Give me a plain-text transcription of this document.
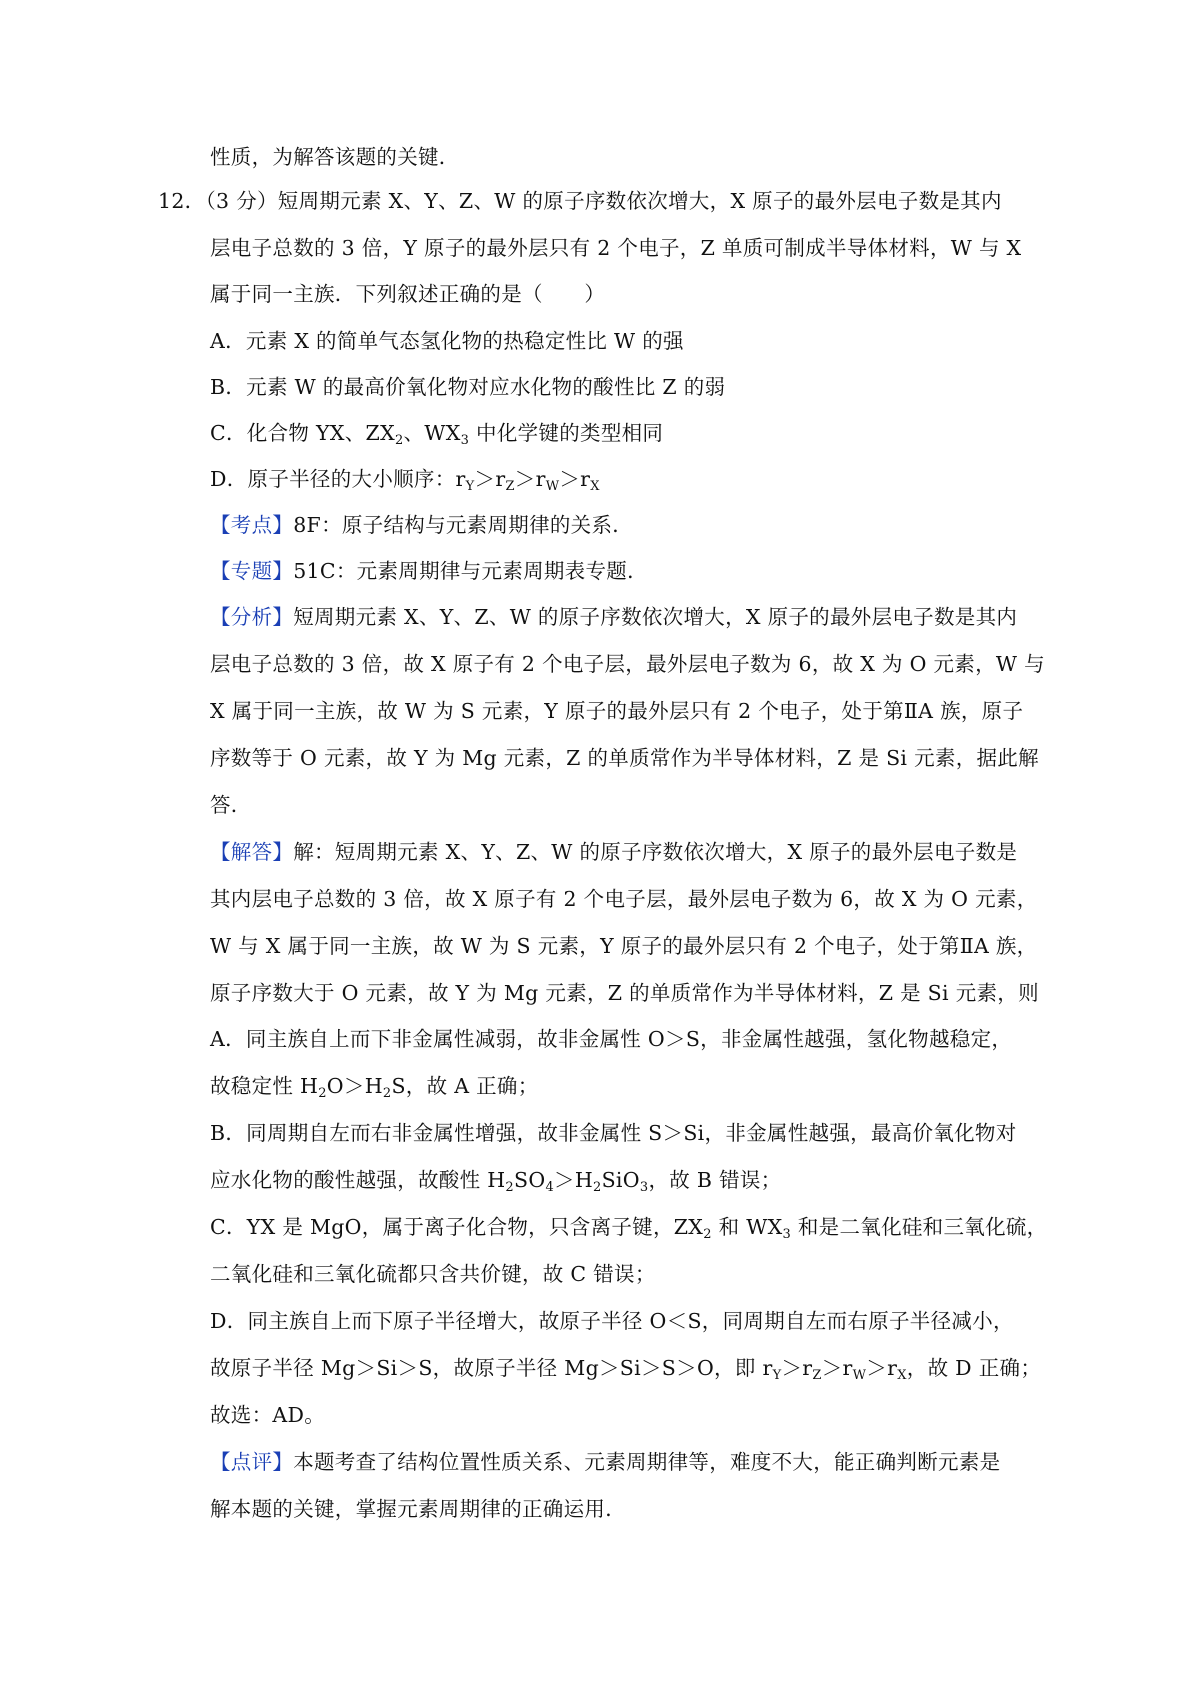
性质，为解答该题的关键．
12．（3 分）短周期元素 X、Y、Z、W 的原子序数依次增大，X 原子的最外层电子数是其内
层电子总数的 3 倍，Y 原子的最外层只有 2 个电子，Z 单质可制成半导体材料，W 与 X
属于同一主族．下列叙述正确的是（　　）
A．元素 X 的简单气态氢化物的热稳定性比 W 的强
B．元素 W 的最高价氧化物对应水化物的酸性比 Z 的弱
C．化合物 YX、$ZX_2$、$WX_3$ 中化学键的类型相同
D．原子半径的大小顺序：$r_Y>r_Z>r_W>r_X$
【考点】8F：原子结构与元素周期律的关系．
【专题】51C：元素周期律与元素周期表专题．
【分析】短周期元素 X、Y、Z、W 的原子序数依次增大，X 原子的最外层电子数是其内
层电子总数的 3 倍，故 X 原子有 2 个电子层，最外层电子数为 6，故 X 为 O 元素，W 与
X 属于同一主族，故 W 为 S 元素，Y 原子的最外层只有 2 个电子，处于第ⅡA 族，原子
序数等于 O 元素，故 Y 为 Mg 元素，Z 的单质常作为半导体材料，Z 是 Si 元素，据此解
答．
【解答】解：短周期元素 X、Y、Z、W 的原子序数依次增大，X 原子的最外层电子数是
其内层电子总数的 3 倍，故 X 原子有 2 个电子层，最外层电子数为 6，故 X 为 O 元素，
W 与 X 属于同一主族，故 W 为 S 元素，Y 原子的最外层只有 2 个电子，处于第ⅡA 族，
原子序数大于 O 元素，故 Y 为 Mg 元素，Z 的单质常作为半导体材料，Z 是 Si 元素，则
A．同主族自上而下非金属性减弱，故非金属性 O＞S，非金属性越强，氢化物越稳定，
故稳定性 $H_2O>H_2S$，故 A 正确；
B．同周期自左而右非金属性增强，故非金属性 S＞Si，非金属性越强，最高价氧化物对
应水化物的酸性越强，故酸性 $H_2SO_4>H_2SiO_3$，故 B 错误；
C．YX 是 MgO，属于离子化合物，只含离子键，$ZX_2$ 和 $WX_3$ 和是二氧化硅和三氧化硫，
二氧化硅和三氧化硫都只含共价键，故 C 错误；
D．同主族自上而下原子半径增大，故原子半径 O＜S，同周期自左而右原子半径减小，
故原子半径 Mg＞Si＞S，故原子半径 Mg＞Si＞S＞O，即 $r_Y>r_Z>r_W>r_X$，故 D 正确；
故选：AD。
【点评】本题考查了结构位置性质关系、元素周期律等，难度不大，能正确判断元素是
解本题的关键，掌握元素周期律的正确运用．
